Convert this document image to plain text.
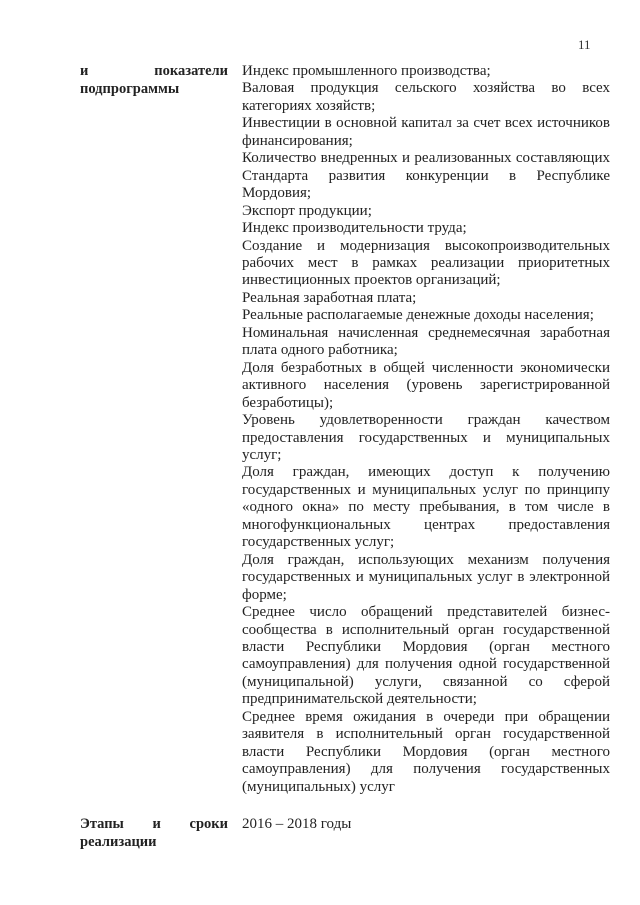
11
и показатели
подпрограммы

Индекс промышленного производства;

Валовая продукция сельского хозяйства во всех категориях хозяйств;

Инвестиции в основной капитал за счет всех источников финансирования;

Количество внедренных и реализованных составляющих Стандарта развития конкуренции в Республике Мордовия;

Экспорт продукции;

Индекс производительности труда;

Создание и модернизация высокопроизводительных рабочих мест в рамках реализации приоритетных инвестиционных проектов организаций;

Реальная заработная плата;

Реальные располагаемые денежные доходы населения;

Номинальная начисленная среднемесячная заработная плата одного работника;

Доля безработных в общей численности экономически активного населения (уровень зарегистрированной безработицы);

Уровень удовлетворенности граждан качеством предоставления государственных и муниципальных услуг;

Доля граждан, имеющих доступ к получению государственных и муниципальных услуг по принципу «одного окна» по месту пребывания, в том числе в многофункциональных центрах предоставления государственных услуг;

Доля граждан, использующих механизм получения государственных и муниципальных услуг в электронной форме;

Среднее число обращений представителей бизнес-сообщества в исполнительный орган государственной власти Республики Мордовия (орган местного самоуправления) для получения одной государственной (муниципальной) услуги, связанной со сферой предпринимательской деятельности;

Среднее время ожидания в очереди при обращении заявителя в исполнительный орган государственной власти Республики Мордовия (орган местного самоуправления) для получения государственных (муниципальных) услуг

Этапы и сроки
реализации

2016 – 2018 годы
